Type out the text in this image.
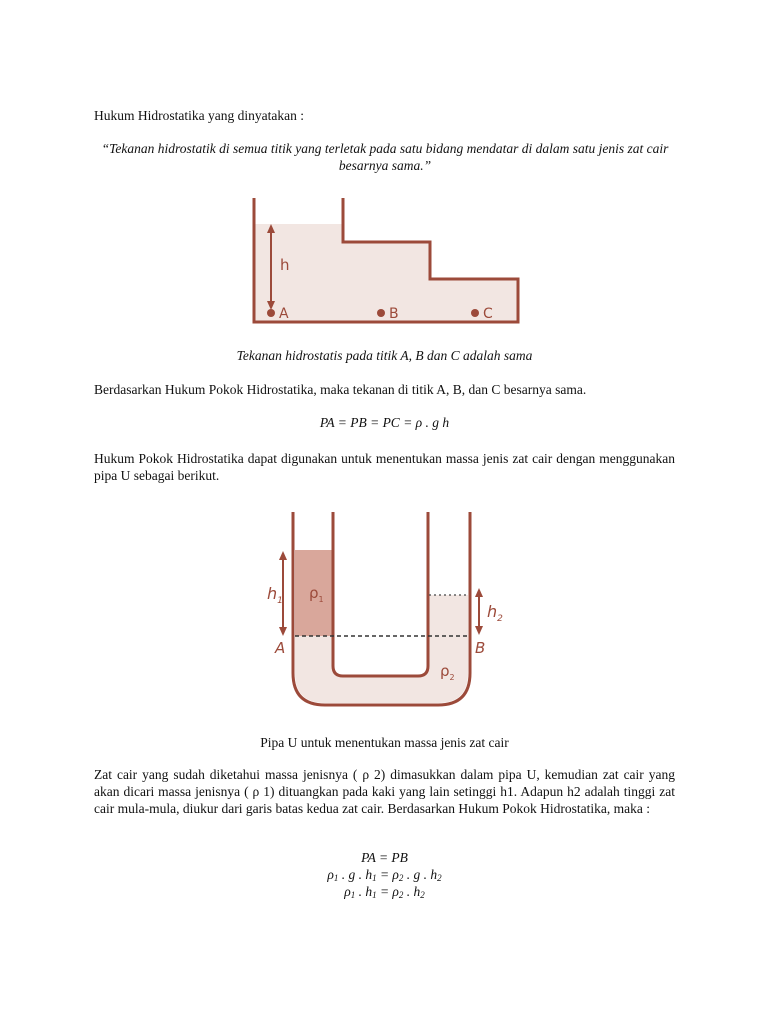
Hukum Hidrostatika yang dinyatakan :

“Tekanan hidrostatik di semua titik yang terletak pada satu bidang mendatar di dalam satu jenis zat cair besarnya sama.”

h
A	B	C

Tekanan hidrostatis pada titik A, B dan C adalah sama

Berdasarkan Hukum Pokok Hidrostatika, maka tekanan di titik A, B, dan C besarnya sama.

PA = PB = PC = ρ . g h

Hukum Pokok Hidrostatika dapat digunakan untuk menentukan massa jenis zat cair dengan menggunakan pipa U sebagai berikut.

$h_1$ $\rho_1$
$h_2$
A	B
$\rho_2$

Pipa U untuk menentukan massa jenis zat cair

Zat cair yang sudah diketahui massa jenisnya ( ρ 2) dimasukkan dalam pipa U, kemudian zat cair yang akan dicari massa jenisnya ( ρ 1) dituangkan pada kaki yang lain setinggi h1. Adapun h2 adalah tinggi zat cair mula-mula, diukur dari garis batas kedua zat cair. Berdasarkan Hukum Pokok Hidrostatika, maka :

PA = PB
$\rho_1$ . g . $h_1 = \rho_2$ . g . $h_2$
$\rho_1$ . $h_1 = \rho_2$ . $h_2$
